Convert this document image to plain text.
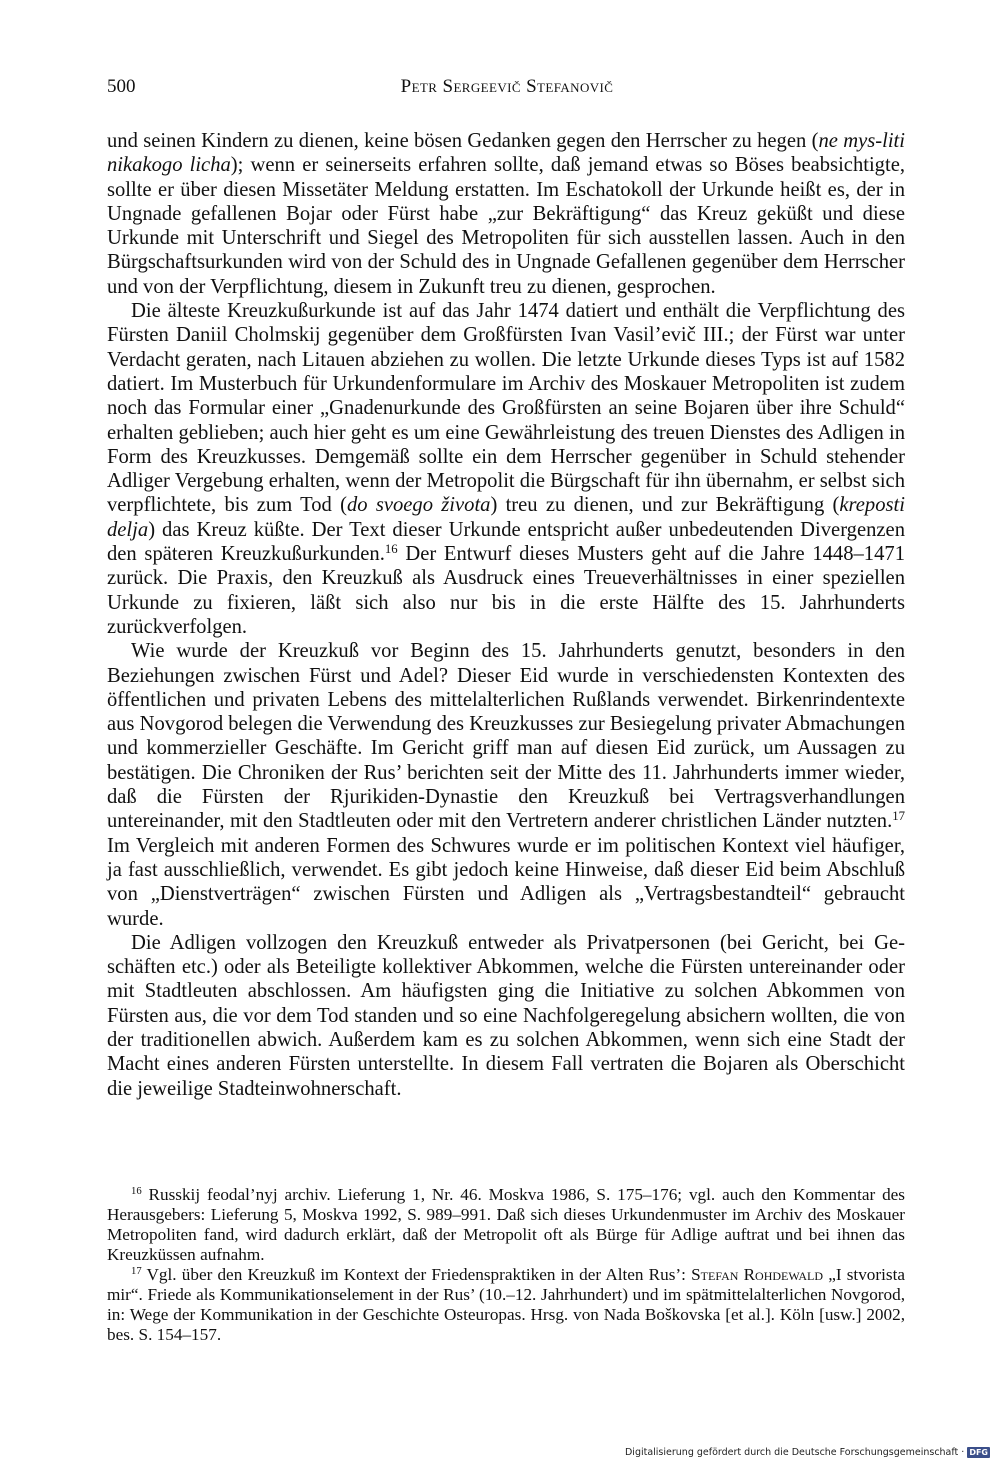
500	Petr Sergeevič Stefanovič

und seinen Kindern zu dienen, keine bösen Gedanken gegen den Herrscher zu hegen (ne mys-liti nikakogo licha); wenn er seinerseits erfahren sollte, daß jemand etwas so Böses beabsichtigte, sollte er über diesen Missetäter Meldung erstatten. Im Eschatokoll der Urkunde heißt es, der in Ungnade gefallenen Bojar oder Fürst habe „zur Bekräftigung“ das Kreuz geküßt und diese Urkunde mit Unterschrift und Siegel des Metropoliten für sich ausstellen lassen. Auch in den Bürgschaftsurkunden wird von der Schuld des in Ungnade Gefallenen gegenüber dem Herrscher und von der Verpflichtung, diesem in Zukunft treu zu dienen, gesprochen.

Die älteste Kreuzkußurkunde ist auf das Jahr 1474 datiert und enthält die Verpflichtung des Fürsten Daniil Cholmskij gegenüber dem Großfürsten Ivan Vasil’evič III.; der Fürst war unter Verdacht geraten, nach Litauen abziehen zu wollen. Die letzte Urkunde dieses Typs ist auf 1582 datiert. Im Musterbuch für Urkundenformulare im Archiv des Moskauer Metropoliten ist zudem noch das Formular einer „Gnadenurkunde des Großfürsten an seine Bojaren über ihre Schuld“ erhalten geblieben; auch hier geht es um eine Gewährleistung des treuen Dienstes des Adligen in Form des Kreuzkusses. Demgemäß sollte ein dem Herrscher gegenüber in Schuld stehender Adliger Vergebung erhalten, wenn der Metropolit die Bürgschaft für ihn übernahm, er selbst sich verpflichtete, bis zum Tod (do svoego života) treu zu dienen, und zur Bekräftigung (kreposti delja) das Kreuz küßte. Der Text dieser Urkunde entspricht außer unbedeutenden Divergenzen den späteren Kreuzkußurkunden.$^{16}$ Der Entwurf dieses Musters geht auf die Jahre 1448–1471 zurück. Die Praxis, den Kreuzkuß als Ausdruck eines Treueverhältnisses in einer speziellen Urkunde zu fixieren, läßt sich also nur bis in die erste Hälfte des 15. Jahrhunderts zurückverfolgen.

Wie wurde der Kreuzkuß vor Beginn des 15. Jahrhunderts genutzt, besonders in den Beziehungen zwischen Fürst und Adel? Dieser Eid wurde in verschiedensten Kontexten des öffentlichen und privaten Lebens des mittelalterlichen Rußlands verwendet. Birkenrindentexte aus Novgorod belegen die Verwendung des Kreuzkusses zur Besiegelung privater Abmachungen und kommerzieller Geschäfte. Im Gericht griff man auf diesen Eid zurück, um Aussagen zu bestätigen. Die Chroniken der Rus’ berichten seit der Mitte des 11. Jahrhunderts immer wieder, daß die Fürsten der Rjurikiden-Dynastie den Kreuzkuß bei Vertragsverhandlungen untereinander, mit den Stadtleuten oder mit den Vertretern anderer christlichen Länder nutzten.$^{17}$ Im Vergleich mit anderen Formen des Schwures wurde er im politischen Kontext viel häufiger, ja fast ausschließlich, verwendet. Es gibt jedoch keine Hinweise, daß dieser Eid beim Abschluß von „Dienstverträgen“ zwischen Fürsten und Adligen als „Vertragsbestandteil“ gebraucht wurde.

Die Adligen vollzogen den Kreuzkuß entweder als Privatpersonen (bei Gericht, bei Geschäften etc.) oder als Beteiligte kollektiver Abkommen, welche die Fürsten untereinander oder mit Stadtleuten abschlossen. Am häufigsten ging die Initiative zu solchen Abkommen von Fürsten aus, die vor dem Tod standen und so eine Nachfolgeregelung absichern wollten, die von der traditionellen abwich. Außerdem kam es zu solchen Abkommen, wenn sich eine Stadt der Macht eines anderen Fürsten unterstellte. In diesem Fall vertraten die Bojaren als Oberschicht die jeweilige Stadteinwohnerschaft.

$^{16}$ Russkij feodal’nyj archiv. Lieferung 1, Nr. 46. Moskva 1986, S. 175–176; vgl. auch den Kommentar des Herausgebers: Lieferung 5, Moskva 1992, S. 989–991. Daß sich dieses Urkundenmuster im Archiv des Moskauer Metropoliten fand, wird dadurch erklärt, daß der Metropolit oft als Bürge für Adlige auftrat und bei ihnen das Kreuzküssen aufnahm.

$^{17}$ Vgl. über den Kreuzkuß im Kontext der Friedenspraktiken in der Alten Rus’: Stefan Rohdewald „I stvorista mir“. Friede als Kommunikationselement in der Rus’ (10.–12. Jahrhundert) und im spätmittelalterlichen Novgorod, in: Wege der Kommunikation in der Geschichte Osteuropas. Hrsg. von Nada Boškovska [et al.]. Köln [usw.] 2002, bes. S. 154–157.

Digitalisierung gefördert durch die Deutsche Forschungsgemeinschaft · DFG
